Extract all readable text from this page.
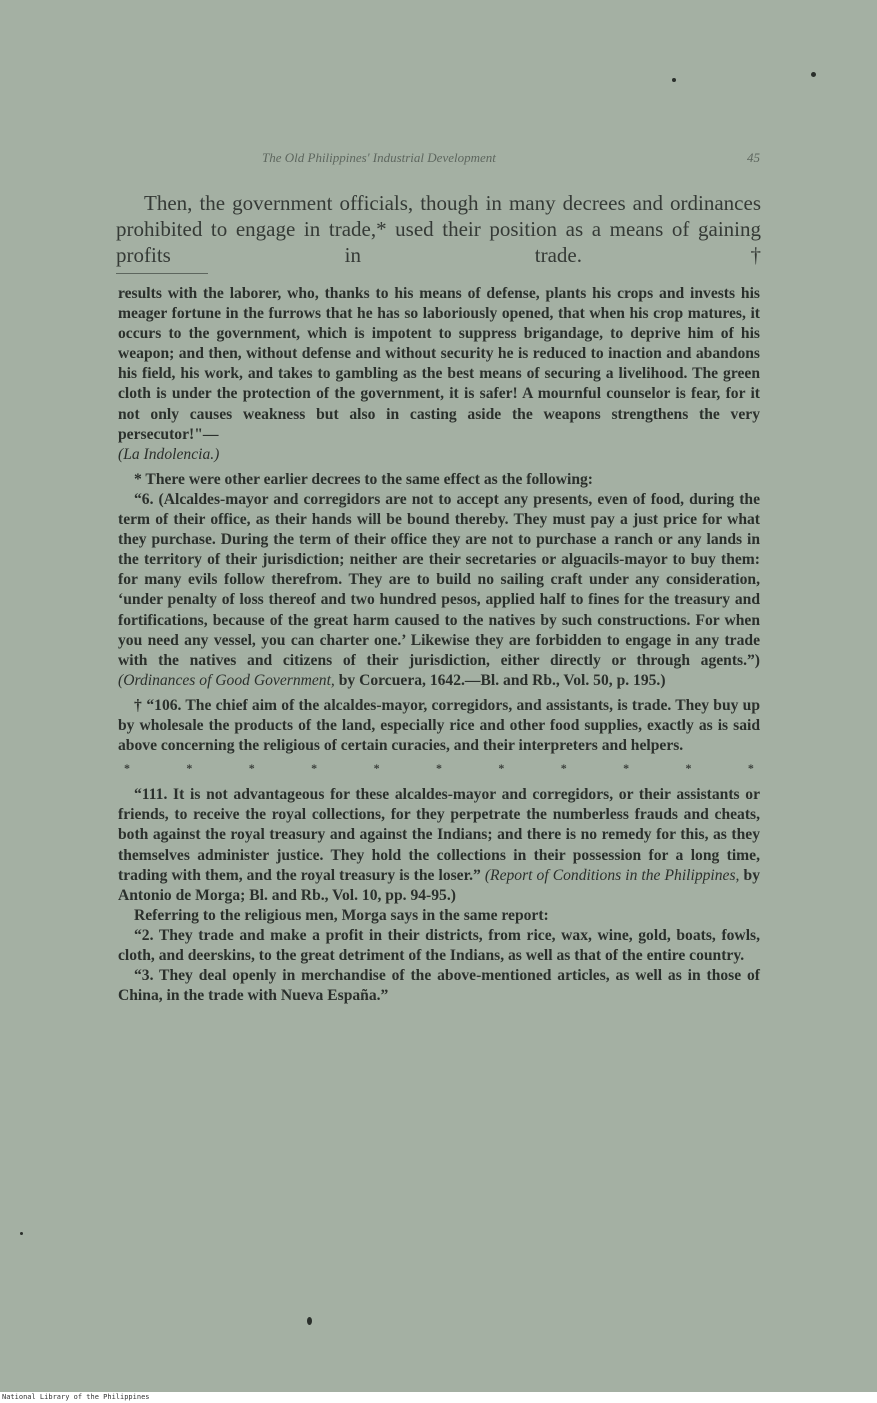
The Old Philippines' Industrial Development	45

Then, the government officials, though in many decrees and ordinances prohibited to engage in trade,* used their position as a means of gaining profits in trade.†

results with the laborer, who, thanks to his means of defense, plants his crops and invests his meager fortune in the furrows that he has so laboriously opened, that when his crop matures, it occurs to the government, which is impotent to suppress brigandage, to deprive him of his weapon; and then, without defense and without security he is reduced to inaction and abandons his field, his work, and takes to gambling as the best means of securing a livelihood. The green cloth is under the protection of the government, it is safer! A mournful counselor is fear, for it not only causes weakness but also in casting aside the weapons strengthens the very persecutor!"—
(La Indolencia.)

* There were other earlier decrees to the same effect as the following:

“6. (Alcaldes-mayor and corregidors are not to accept any presents, even of food, during the term of their office, as their hands will be bound thereby. They must pay a just price for what they purchase. During the term of their office they are not to purchase a ranch or any lands in the territory of their jurisdiction; neither are their secretaries or alguacils-mayor to buy them: for many evils follow therefrom. They are to build no sailing craft under any consideration, ‘under penalty of loss thereof and two hundred pesos, applied half to fines for the treasury and fortifications, because of the great harm caused to the natives by such constructions. For when you need any vessel, you can charter one.’ Likewise they are forbidden to engage in any trade with the natives and citizens of their jurisdiction, either directly or through agents.”) (Ordinances of Good Government, by Corcuera, 1642.—Bl. and Rb., Vol. 50, p. 195.)

† “106. The chief aim of the alcaldes-mayor, corregidors, and assistants, is trade. They buy up by wholesale the products of the land, especially rice and other food supplies, exactly as is said above concerning the religious of certain curacies, and their interpreters and helpers.

*	*	*	*	*	*	*	*	*	*	*

“111. It is not advantageous for these alcaldes-mayor and corregidors, or their assistants or friends, to receive the royal collections, for they perpetrate the numberless frauds and cheats, both against the royal treasury and against the Indians; and there is no remedy for this, as they themselves administer justice. They hold the collections in their possession for a long time, trading with them, and the royal treasury is the loser.” (Report of Conditions in the Philippines, by Antonio de Morga; Bl. and Rb., Vol. 10, pp. 94-95.)

Referring to the religious men, Morga says in the same report:

“2. They trade and make a profit in their districts, from rice, wax, wine, gold, boats, fowls, cloth, and deerskins, to the great detriment of the Indians, as well as that of the entire country.

“3. They deal openly in merchandise of the above-mentioned articles, as well as in those of China, in the trade with Nueva España.”

National Library of the Philippines
